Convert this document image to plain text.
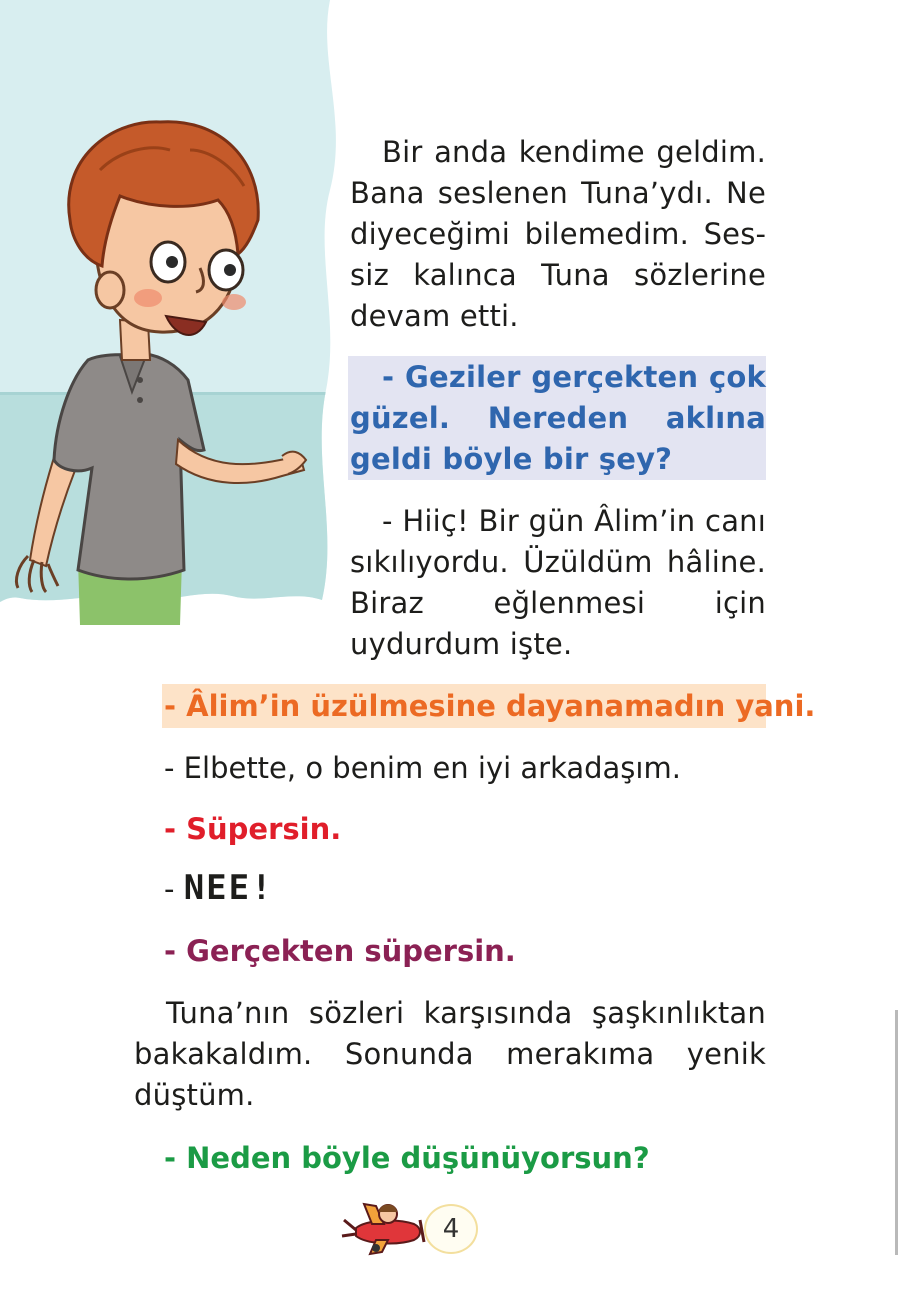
Bir anda kendime geldim. Bana seslenen Tuna’ydı. Ne diyeceğimi bilemedim. Sessiz kalınca Tuna sözlerine devam etti.

- Geziler gerçekten çok güzel. Nereden aklına geldi böyle bir şey?

- Hiiç! Bir gün Âlim’in canı sıkılıyordu. Üzüldüm hâline. Biraz eğlenmesi için uydurdum işte.

- Âlim’in üzülmesine dayanamadın yani.

- Elbette, o benim en iyi arkadaşım.

- Süpersin.

- NEE!

- Gerçekten süpersin.

Tuna’nın sözleri karşısında şaşkınlıktan bakakaldım. Sonunda merakıma yenik düştüm.

- Neden böyle düşünüyorsun?

4
